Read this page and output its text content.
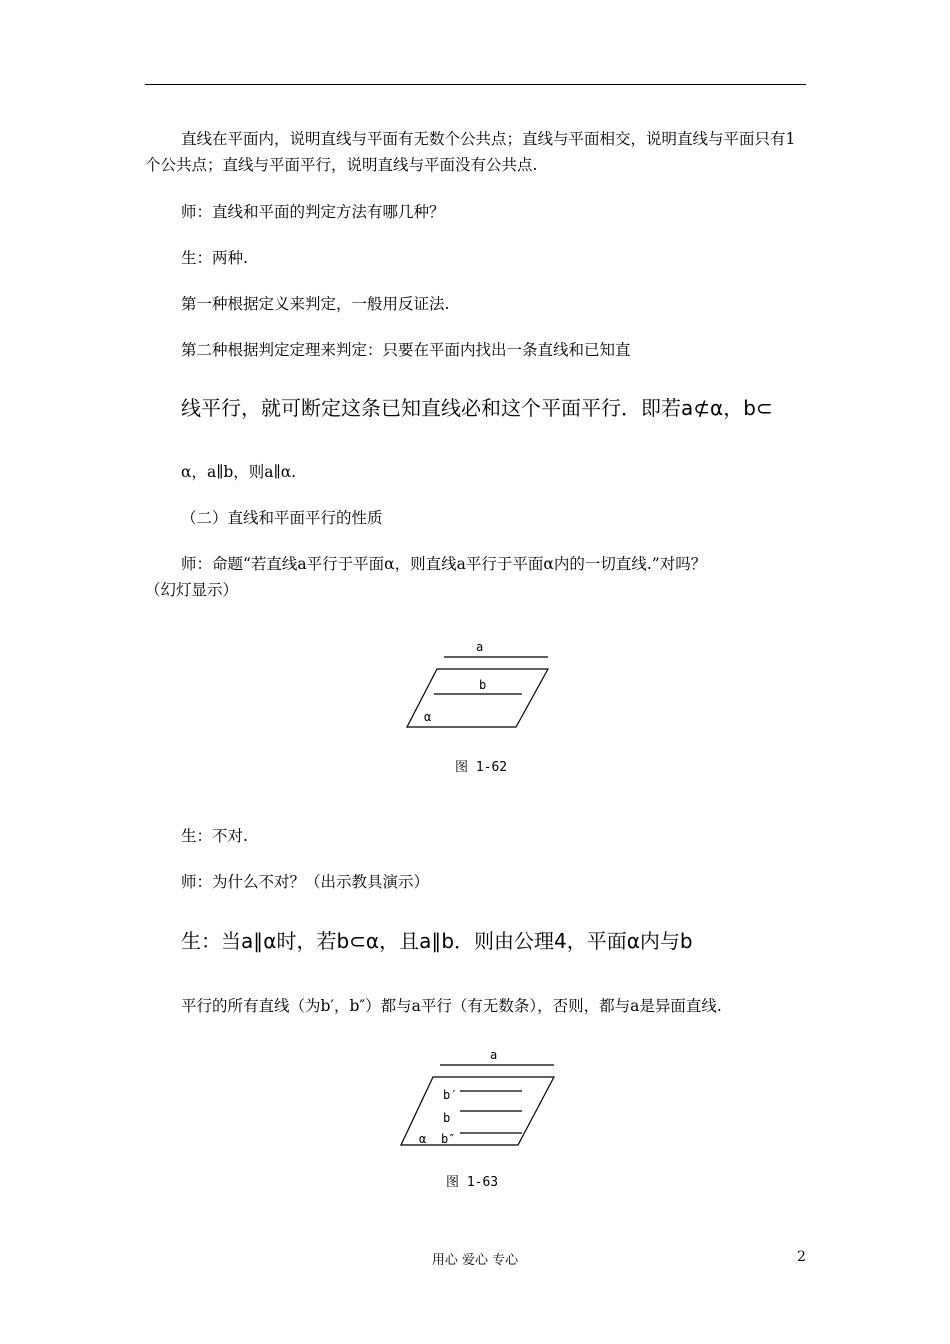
直线在平面内，说明直线与平面有无数个公共点；直线与平面相交，说明直线与平面只有1个公共点；直线与平面平行，说明直线与平面没有公共点.
师：直线和平面的判定方法有哪几种？
生：两种.
第一种根据定义来判定，一般用反证法.
第二种根据判定定理来判定：只要在平面内找出一条直线和已知直
线平行，就可断定这条已知直线必和这个平面平行．即若a⊄α，b⊂
α，a∥b，则a∥α.
（二）直线和平面平行的性质
师：命题“若直线a平行于平面α，则直线a平行于平面α内的一切直线.”对吗？
（幻灯显示）
a
b
α
图 1-62
生：不对.
师：为什么不对？（出示教具演示）
生：当a∥α时，若b⊂α，且a∥b．则由公理4，平面α内与b
平行的所有直线（为b′，b″）都与a平行（有无数条），否则，都与a是异面直线.
a
b′
b
b″
α
图 1-63
用心 爱心 专心	2
